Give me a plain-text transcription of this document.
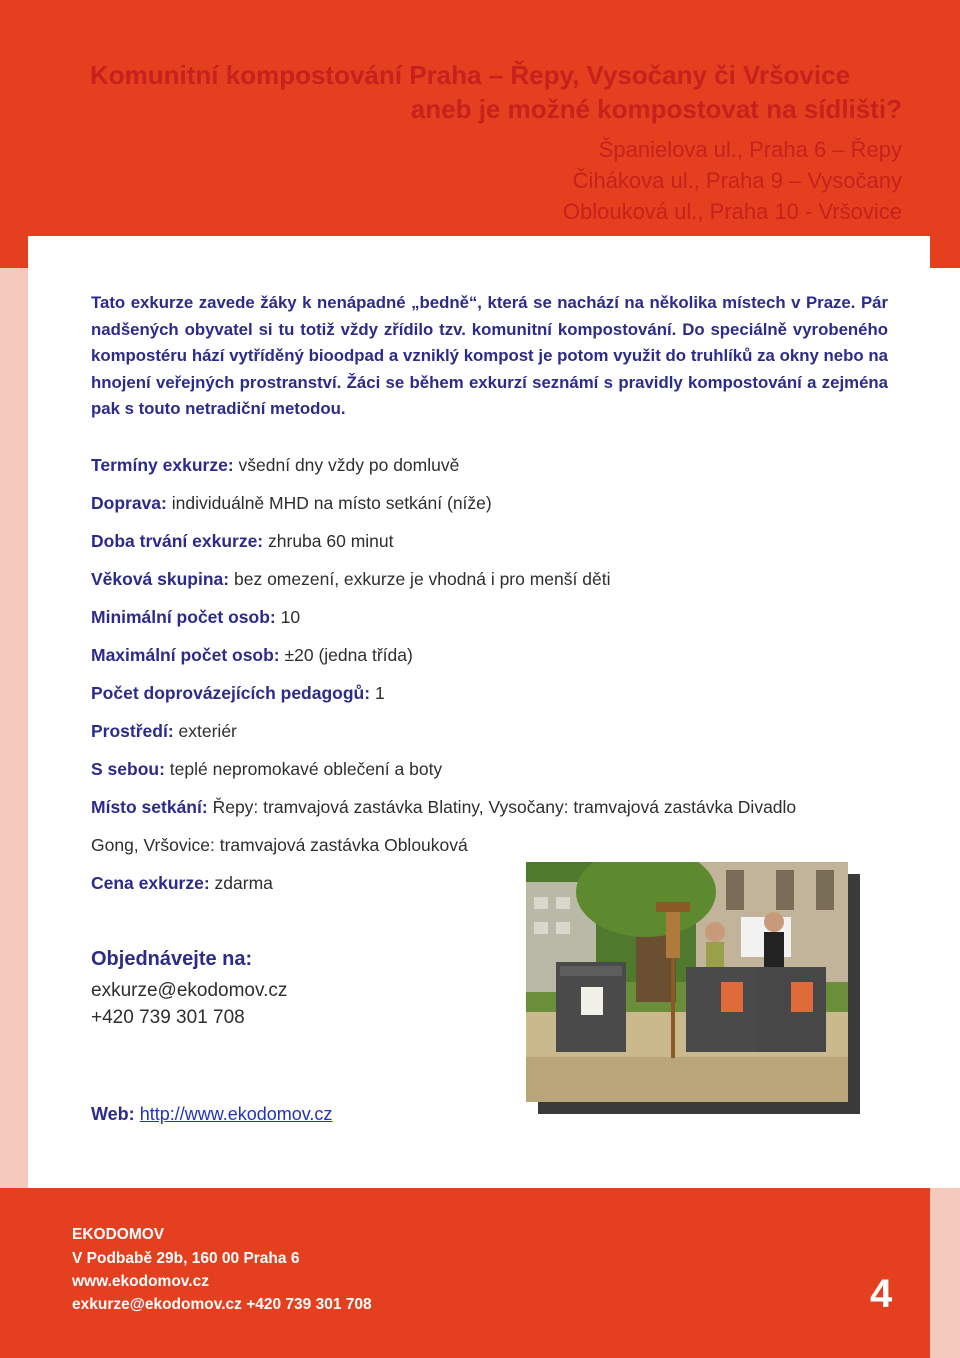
Komunitní kompostování Praha – Řepy, Vysočany či Vršovice
aneb je možné kompostovat na sídlišti?
Španielova ul., Praha 6 – Řepy
Čihákova ul., Praha 9 – Vysočany
Oblouková ul., Praha 10 - Vršovice
Tato exkurze zavede žáky k nenápadné „bedně“, která se nachází na několika místech v Praze. Pár nadšených obyvatel si tu totiž vždy zřídilo tzv. komunitní kompostování. Do speciálně vyrobeného kompostéru hází vytříděný bioodpad a vzniklý kompost je potom využit do truhlíků za okny nebo na hnojení veřejných prostranství. Žáci se během exkurzí seznámí s pravidly kompostování a zejména pak s touto netradiční metodou.
Termíny exkurze: všední dny vždy po domluvě
Doprava: individuálně MHD na místo setkání (níže)
Doba trvání exkurze: zhruba 60 minut
Věková skupina: bez omezení, exkurze je vhodná i pro menší děti
Minimální počet osob: 10
Maximální počet osob: ±20 (jedna třída)
Počet doprovázejících pedagogů: 1
Prostředí: exteriér
S sebou: teplé nepromokavé oblečení a boty
Místo setkání: Řepy: tramvajová zastávka Blatiny, Vysočany: tramvajová zastávka Divadlo
Gong, Vršovice: tramvajová zastávka Oblouková
Cena exkurze: zdarma
Objednávejte na:
exkurze@ekodomov.cz
+420 739 301 708
Web: http://www.ekodomov.cz
EKODOMOV
V Podbabě 29b, 160 00 Praha 6
www.ekodomov.cz
exkurze@ekodomov.cz +420 739 301 708	4
